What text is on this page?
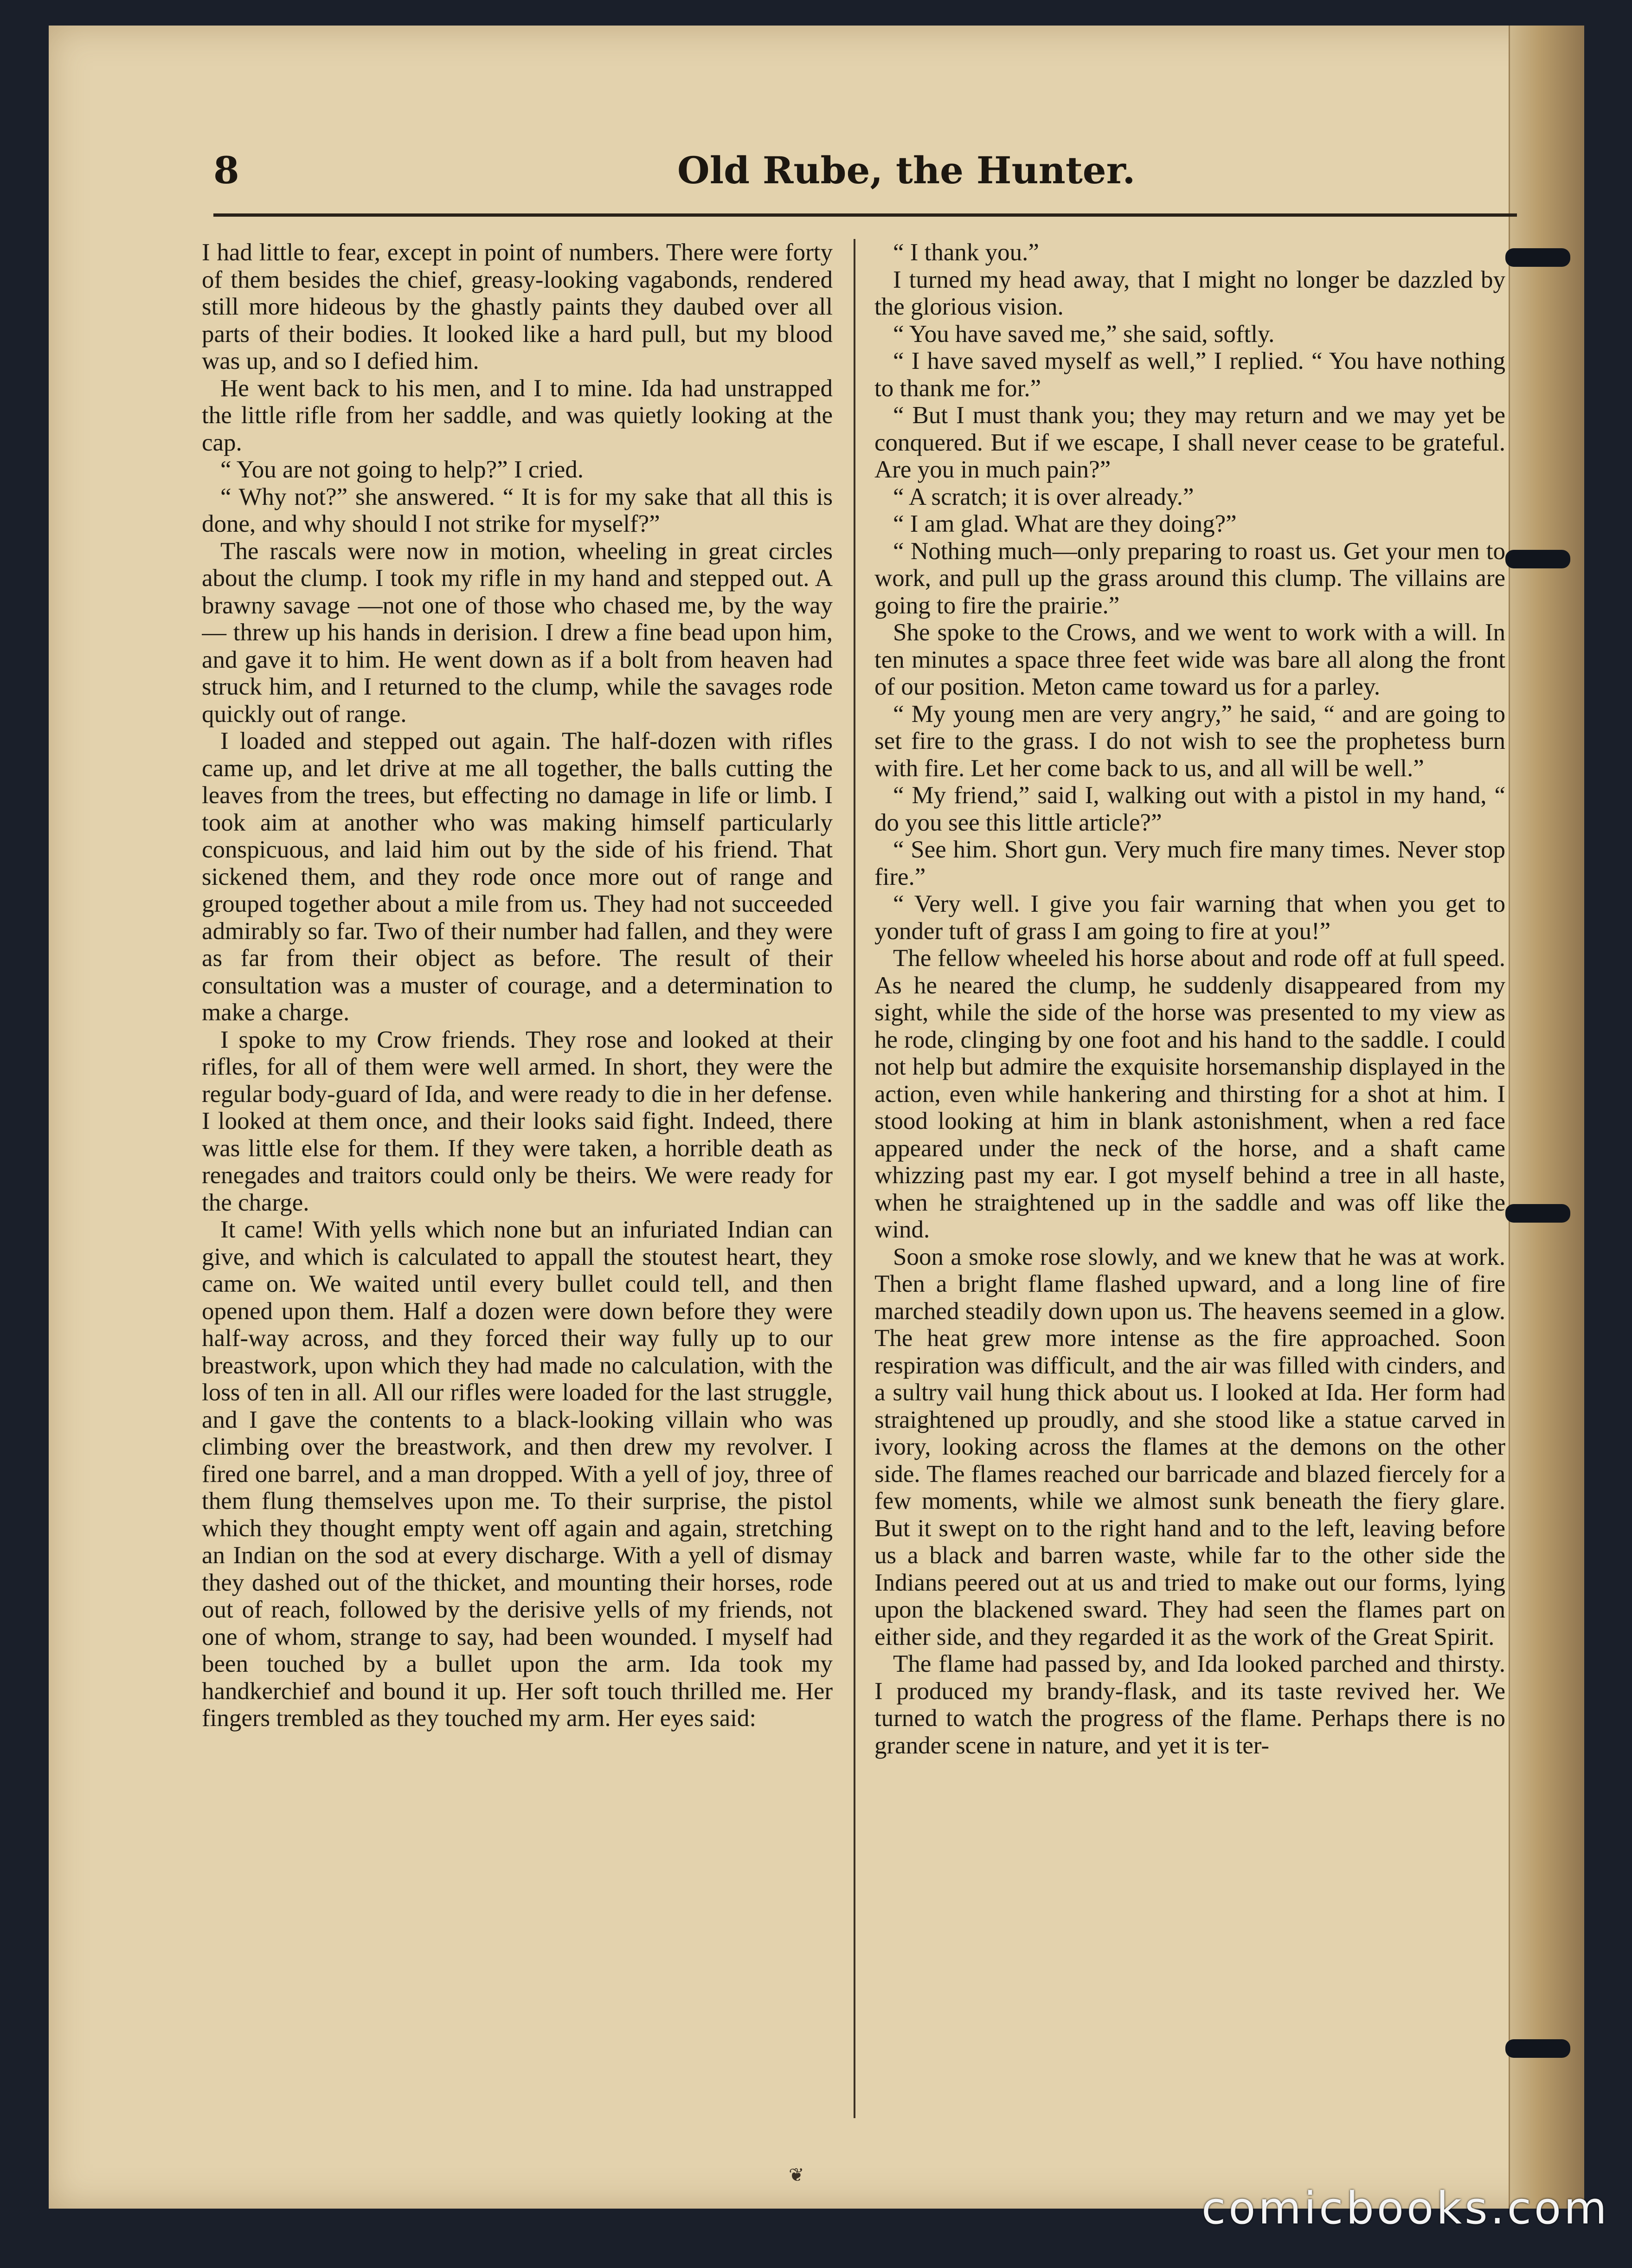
8	Old Rube, the Hunter.

I had little to fear, except in point of numbers. There were forty of them besides the chief, greasy-looking vagabonds, rendered still more hideous by the ghastly paints they daubed over all parts of their bodies. It looked like a hard pull, but my blood was up, and so I defied him.

He went back to his men, and I to mine. Ida had unstrapped the little rifle from her saddle, and was quietly looking at the cap.

“ You are not going to help?” I cried.

“ Why not?” she answered. “ It is for my sake that all this is done, and why should I not strike for myself?”

The rascals were now in motion, wheeling in great circles about the clump. I took my rifle in my hand and stepped out. A brawny savage —not one of those who chased me, by the way— threw up his hands in derision. I drew a fine bead upon him, and gave it to him. He went down as if a bolt from heaven had struck him, and I returned to the clump, while the savages rode quickly out of range.

I loaded and stepped out again. The half-dozen with rifles came up, and let drive at me all together, the balls cutting the leaves from the trees, but effecting no damage in life or limb. I took aim at another who was making himself particularly conspicuous, and laid him out by the side of his friend. That sickened them, and they rode once more out of range and grouped together about a mile from us. They had not succeeded admirably so far. Two of their number had fallen, and they were as far from their object as before. The result of their consultation was a muster of courage, and a determination to make a charge.

I spoke to my Crow friends. They rose and looked at their rifles, for all of them were well armed. In short, they were the regular body-guard of Ida, and were ready to die in her defense. I looked at them once, and their looks said fight. Indeed, there was little else for them. If they were taken, a horrible death as renegades and traitors could only be theirs. We were ready for the charge.

It came! With yells which none but an infuriated Indian can give, and which is calculated to appall the stoutest heart, they came on. We waited until every bullet could tell, and then opened upon them. Half a dozen were down before they were half-way across, and they forced their way fully up to our breastwork, upon which they had made no calculation, with the loss of ten in all. All our rifles were loaded for the last struggle, and I gave the contents to a black-looking villain who was climbing over the breastwork, and then drew my revolver. I fired one barrel, and a man dropped. With a yell of joy, three of them flung themselves upon me. To their surprise, the pistol which they thought empty went off again and again, stretching an Indian on the sod at every discharge. With a yell of dismay they dashed out of the thicket, and mounting their horses, rode out of reach, followed by the derisive yells of my friends, not one of whom, strange to say, had been wounded. I myself had been touched by a bullet upon the arm. Ida took my handkerchief and bound it up. Her soft touch thrilled me. Her fingers trembled as they touched my arm. Her eyes said:

“ I thank you.”

I turned my head away, that I might no longer be dazzled by the glorious vision.

“ You have saved me,” she said, softly.

“ I have saved myself as well,” I replied. “ You have nothing to thank me for.”

“ But I must thank you; they may return and we may yet be conquered. But if we escape, I shall never cease to be grateful. Are you in much pain?”

“ A scratch; it is over already.”

“ I am glad. What are they doing?”

“ Nothing much—only preparing to roast us. Get your men to work, and pull up the grass around this clump. The villains are going to fire the prairie.”

She spoke to the Crows, and we went to work with a will. In ten minutes a space three feet wide was bare all along the front of our position. Meton came toward us for a parley.

“ My young men are very angry,” he said, “ and are going to set fire to the grass. I do not wish to see the prophetess burn with fire. Let her come back to us, and all will be well.”

“ My friend,” said I, walking out with a pistol in my hand, “ do you see this little article?”

“ See him. Short gun. Very much fire many times. Never stop fire.”

“ Very well. I give you fair warning that when you get to yonder tuft of grass I am going to fire at you!”

The fellow wheeled his horse about and rode off at full speed. As he neared the clump, he suddenly disappeared from my sight, while the side of the horse was presented to my view as he rode, clinging by one foot and his hand to the saddle. I could not help but admire the exquisite horsemanship displayed in the action, even while hankering and thirsting for a shot at him. I stood looking at him in blank astonishment, when a red face appeared under the neck of the horse, and a shaft came whizzing past my ear. I got myself behind a tree in all haste, when he straightened up in the saddle and was off like the wind.

Soon a smoke rose slowly, and we knew that he was at work. Then a bright flame flashed upward, and a long line of fire marched steadily down upon us. The heavens seemed in a glow. The heat grew more intense as the fire approached. Soon respiration was difficult, and the air was filled with cinders, and a sultry vail hung thick about us. I looked at Ida. Her form had straightened up proudly, and she stood like a statue carved in ivory, looking across the flames at the demons on the other side. The flames reached our barricade and blazed fiercely for a few moments, while we almost sunk beneath the fiery glare. But it swept on to the right hand and to the left, leaving before us a black and barren waste, while far to the other side the Indians peered out at us and tried to make out our forms, lying upon the blackened sward. They had seen the flames part on either side, and they regarded it as the work of the Great Spirit.

The flame had passed by, and Ida looked parched and thirsty. I produced my brandy-flask, and its taste revived her. We turned to watch the progress of the flame. Perhaps there is no grander scene in nature, and yet it is ter-

❦
comicbooks.com
